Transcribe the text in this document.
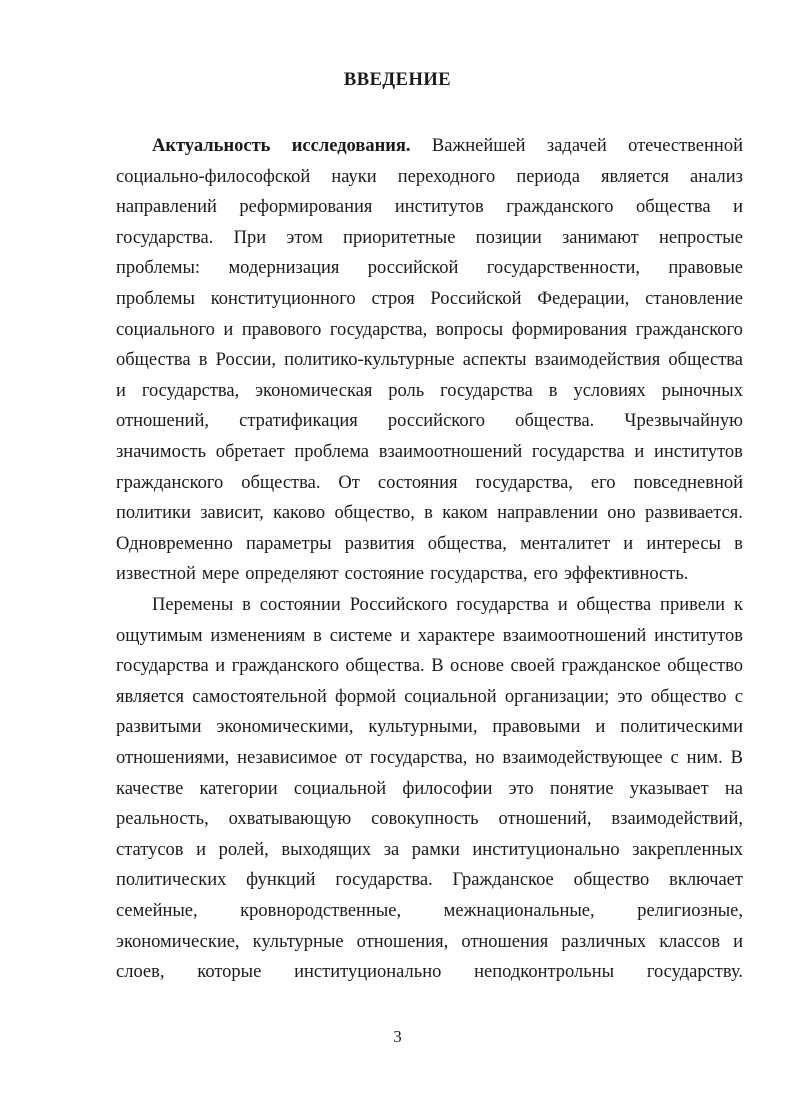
ВВЕДЕНИЕ
Актуальность исследования. Важнейшей задачей отечественной
социально-философской науки переходного периода является анализ
направлений реформирования институтов гражданского общества и
государства. При этом приоритетные позиции занимают непростые
проблемы: модернизация российской государственности, правовые
проблемы конституционного строя Российской Федерации, становление
социального и правового государства, вопросы формирования гражданского
общества в России, политико-культурные аспекты взаимодействия общества
и государства, экономическая роль государства в условиях рыночных
отношений, стратификация российского общества. Чрезвычайную
значимость обретает проблема взаимоотношений государства и институтов
гражданского общества. От состояния государства, его повседневной
политики зависит, каково общество, в каком направлении оно развивается.
Одновременно параметры развития общества, менталитет и интересы в
известной мере определяют состояние государства, его эффективность.
Перемены в состоянии Российского государства и общества привели к
ощутимым изменениям в системе и характере взаимоотношений институтов
государства и гражданского общества. В основе своей гражданское общество
является самостоятельной формой социальной организации; это общество с
развитыми экономическими, культурными, правовыми и политическими
отношениями, независимое от государства, но взаимодействующее с ним. В
качестве категории социальной философии это понятие указывает на
реальность, охватывающую совокупность отношений, взаимодействий,
статусов и ролей, выходящих за рамки институционально закрепленных
политических функций государства. Гражданское общество включает
семейные, кровнородственные, межнациональные, религиозные,
экономические, культурные отношения, отношения различных классов и
слоев, которые институционально неподконтрольны государству.
3
